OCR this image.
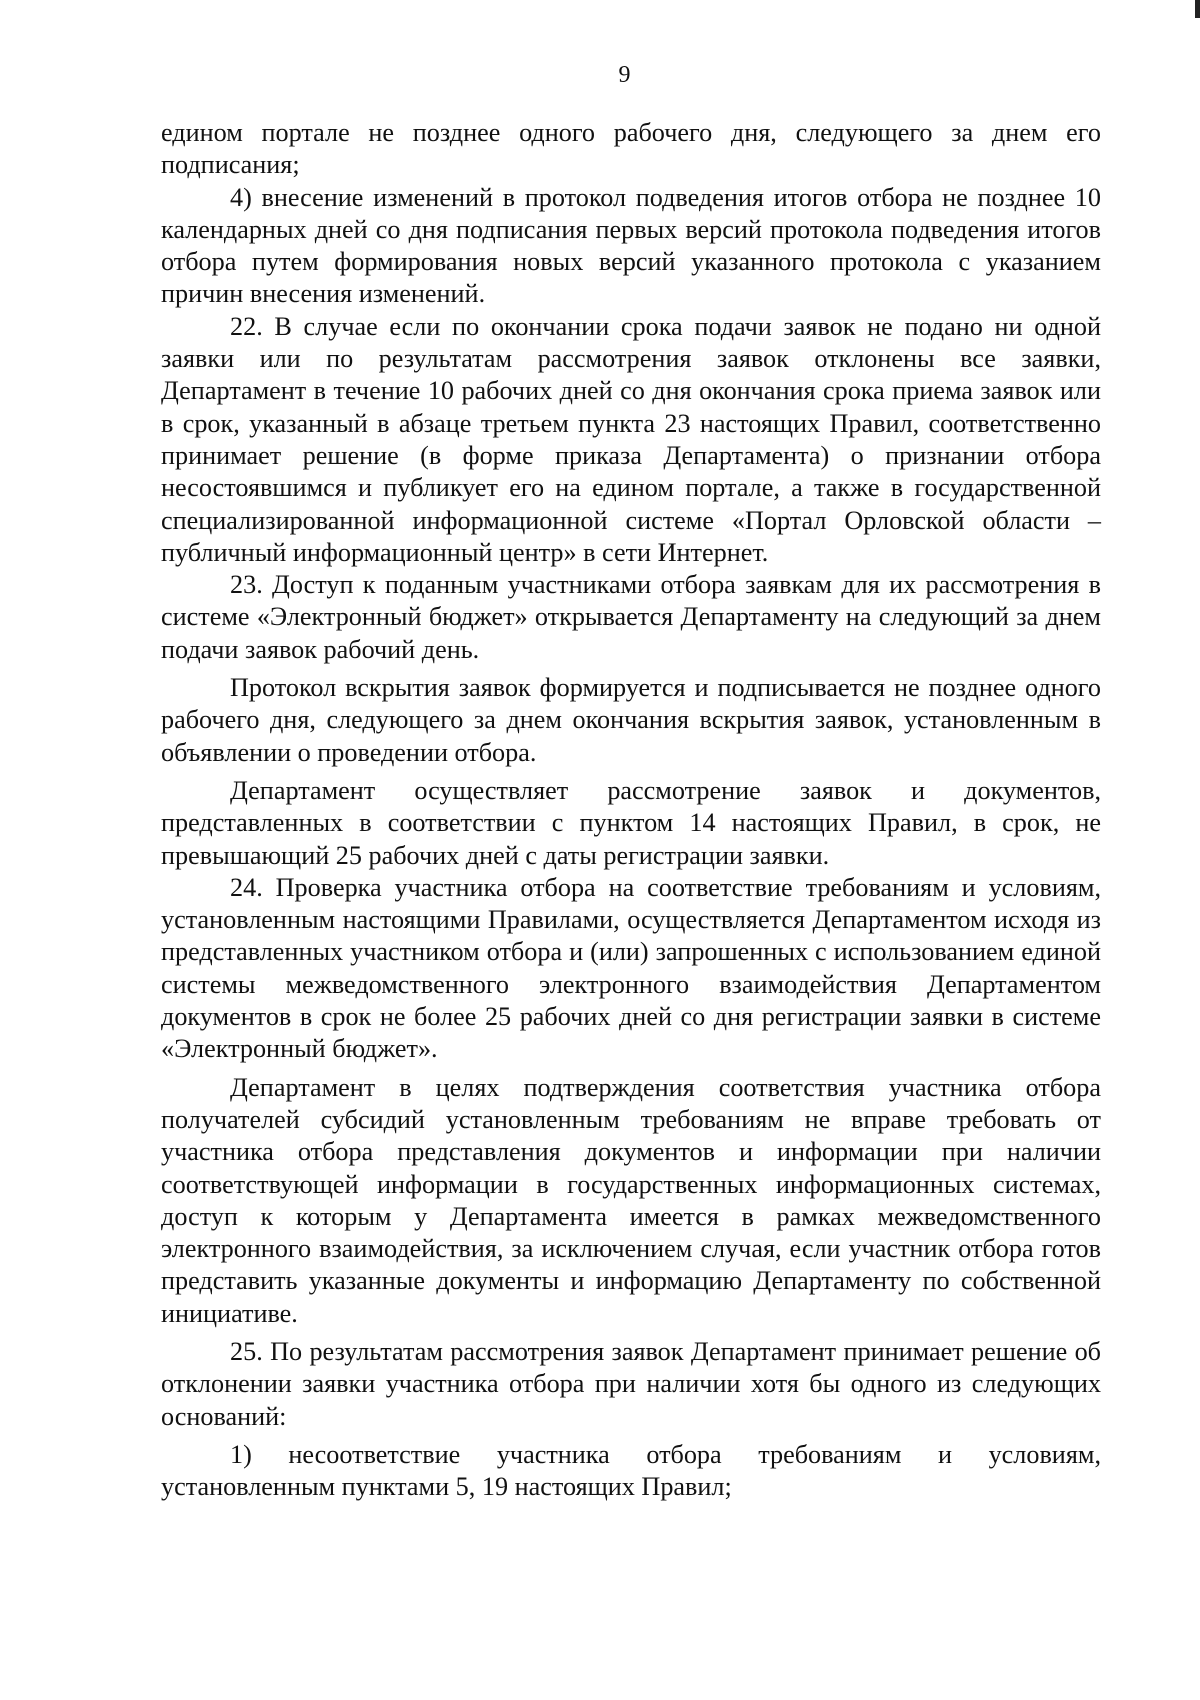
9

едином портале не позднее одного рабочего дня, следующего за днем его подписания;

4) внесение изменений в протокол подведения итогов отбора не позднее 10 календарных дней со дня подписания первых версий протокола подведения итогов отбора путем формирования новых версий указанного протокола с указанием причин внесения изменений.

22. В случае если по окончании срока подачи заявок не подано ни одной заявки или по результатам рассмотрения заявок отклонены все заявки, Департамент в течение 10 рабочих дней со дня окончания срока приема заявок или в срок, указанный в абзаце третьем пункта 23 настоящих Правил, соответственно принимает решение (в форме приказа Департамента) о признании отбора несостоявшимся и публикует его на едином портале, а также в государственной специализированной информационной системе «Портал Орловской области – публичный информационный центр» в сети Интернет.

23. Доступ к поданным участниками отбора заявкам для их рассмотрения в системе «Электронный бюджет» открывается Департаменту на следующий за днем подачи заявок рабочий день.

Протокол вскрытия заявок формируется и подписывается не позднее одного рабочего дня, следующего за днем окончания вскрытия заявок, установленным в объявлении о проведении отбора.

Департамент осуществляет рассмотрение заявок и документов, представленных в соответствии с пунктом 14 настоящих Правил, в срок, не превышающий 25 рабочих дней с даты регистрации заявки.

24. Проверка участника отбора на соответствие требованиям и условиям, установленным настоящими Правилами, осуществляется Департаментом исходя из представленных участником отбора и (или) запрошенных с использованием единой системы межведомственного электронного взаимодействия Департаментом документов в срок не более 25 рабочих дней со дня регистрации заявки в системе «Электронный бюджет».

Департамент в целях подтверждения соответствия участника отбора получателей субсидий установленным требованиям не вправе требовать от участника отбора представления документов и информации при наличии соответствующей информации в государственных информационных системах, доступ к которым у Департамента имеется в рамках межведомственного электронного взаимодействия, за исключением случая, если участник отбора готов представить указанные документы и информацию Департаменту по собственной инициативе.

25. По результатам рассмотрения заявок Департамент принимает решение об отклонении заявки участника отбора при наличии хотя бы одного из следующих оснований:

1) несоответствие участника отбора требованиям и условиям, установленным пунктами 5, 19 настоящих Правил;
